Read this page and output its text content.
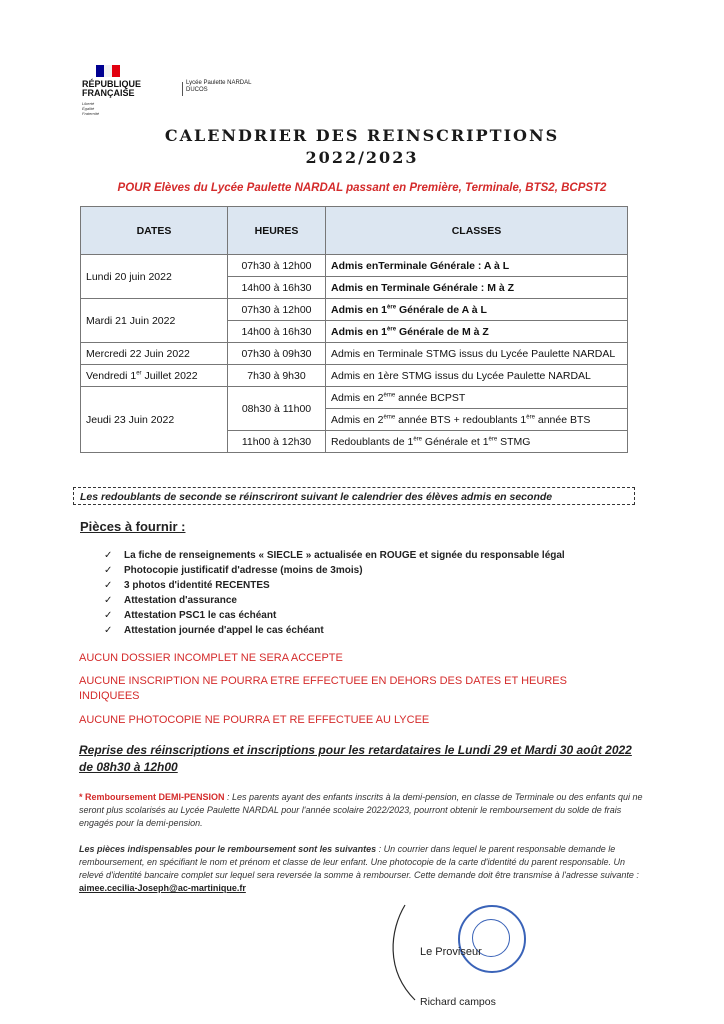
RÉPUBLIQUE
FRANÇAISE
Liberté
Égalité
Fraternité
Lycée Paulette NARDAL
DUCOS
CALENDRIER DES REINSCRIPTIONS
2022/2023
POUR Elèves du Lycée Paulette NARDAL passant en Première, Terminale, BTS2, BCPST2
DATES	HEURES	CLASSES
Lundi 20 juin 2022	07h30 à 12h00	Admis enTerminale Générale : A à L
	14h00 à 16h30	Admis en Terminale Générale : M à Z
Mardi 21 Juin 2022	07h30 à 12h00	Admis en 1ère Générale de A à L
	14h00 à 16h30	Admis en 1ère Générale de M à Z
Mercredi 22 Juin 2022	07h30 à 09h30	Admis en Terminale STMG issus du Lycée Paulette NARDAL
Vendredi 1er Juillet 2022	7h30 à 9h30	Admis en 1ère STMG issus du Lycée Paulette NARDAL
Jeudi 23 Juin 2022	08h30 à 11h00	Admis en 2ème année BCPST
		Admis en 2ème année BTS + redoublants 1ère année BTS
	11h00 à 12h30	Redoublants de 1ère Générale et 1ère STMG
Les redoublants de seconde se réinscriront suivant le calendrier des élèves admis en seconde
Pièces à fournir :
✓ La fiche de renseignements « SIECLE » actualisée en ROUGE et signée du responsable légal
✓ Photocopie justificatif d'adresse (moins de 3mois)
✓ 3 photos d'identité RECENTES
✓ Attestation d'assurance
✓ Attestation PSC1 le cas échéant
✓ Attestation journée d'appel le cas échéant
AUCUN DOSSIER INCOMPLET NE SERA ACCEPTE
AUCUNE INSCRIPTION NE POURRA ETRE EFFECTUEE EN DEHORS DES DATES ET HEURES INDIQUEES
AUCUNE PHOTOCOPIE NE POURRA ET RE EFFECTUEE AU LYCEE
Reprise des réinscriptions et inscriptions pour les retardataires le Lundi 29 et Mardi 30 août 2022 de 08h30 à 12h00
* Remboursement DEMI-PENSION : Les parents ayant des enfants inscrits à la demi-pension, en classe de Terminale ou des enfants qui ne seront plus scolarisés au Lycée Paulette NARDAL pour l'année scolaire 2022/2023, pourront obtenir le remboursement du solde de frais engagés pour la demi-pension.
Les pièces indispensables pour le remboursement sont les suivantes : Un courrier dans lequel le parent responsable demande le remboursement, en spécifiant le nom et prénom et classe de leur enfant. Une photocopie de la carte d'identité du parent responsable. Un relevé d'identité bancaire complet sur lequel sera reversée la somme à rembourser. Cette demande doit être transmise à l'adresse suivante : aimee.cecilia-Joseph@ac-martinique.fr
Le Proviseur
Richard campos
